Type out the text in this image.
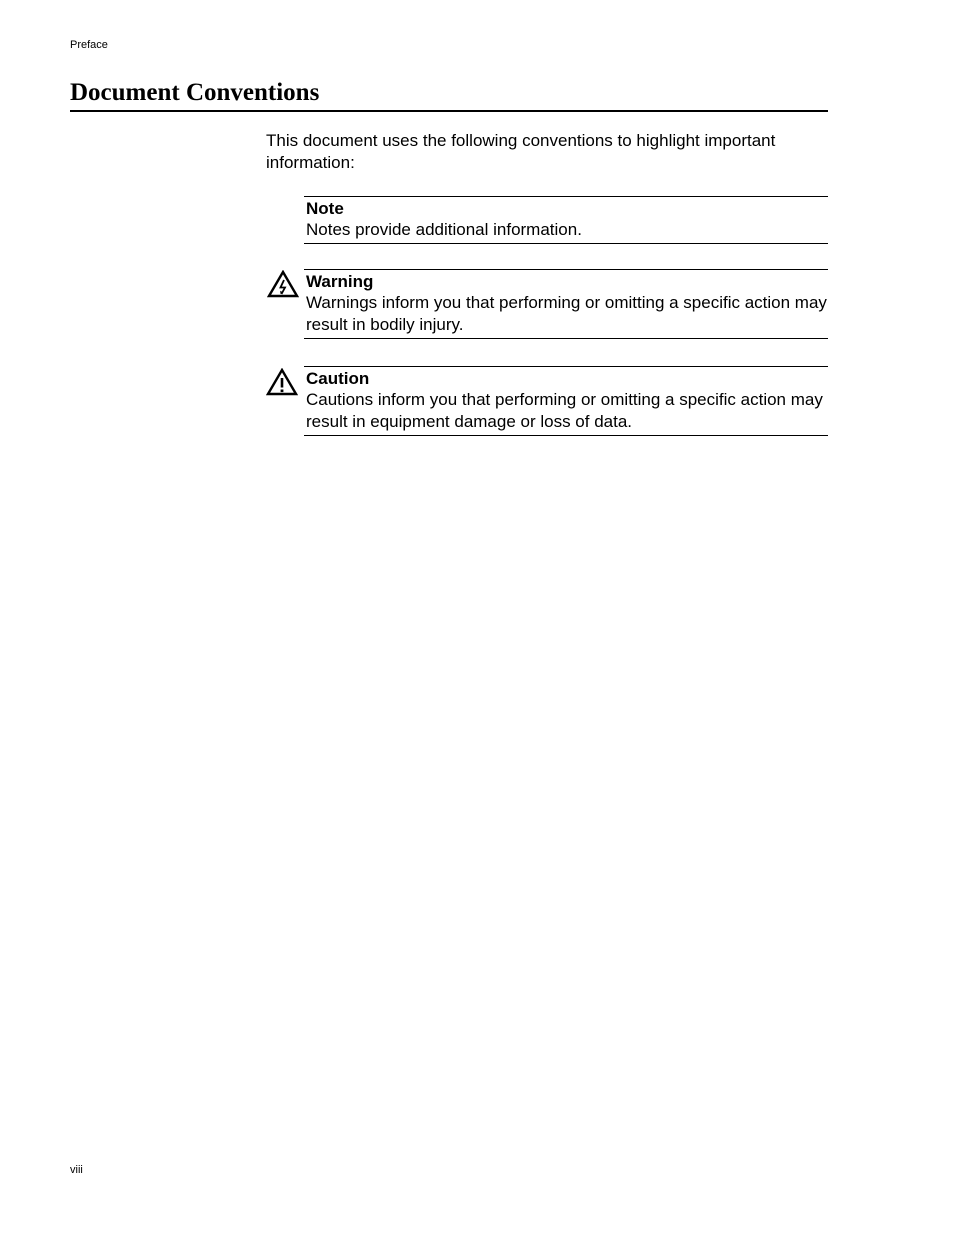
Preface
Document Conventions

This document uses the following conventions to highlight important information:

Note
Notes provide additional information.
Warning
Warnings inform you that performing or omitting a specific action may result in bodily injury.
Caution
Cautions inform you that performing or omitting a specific action may result in equipment damage or loss of data.
viii
